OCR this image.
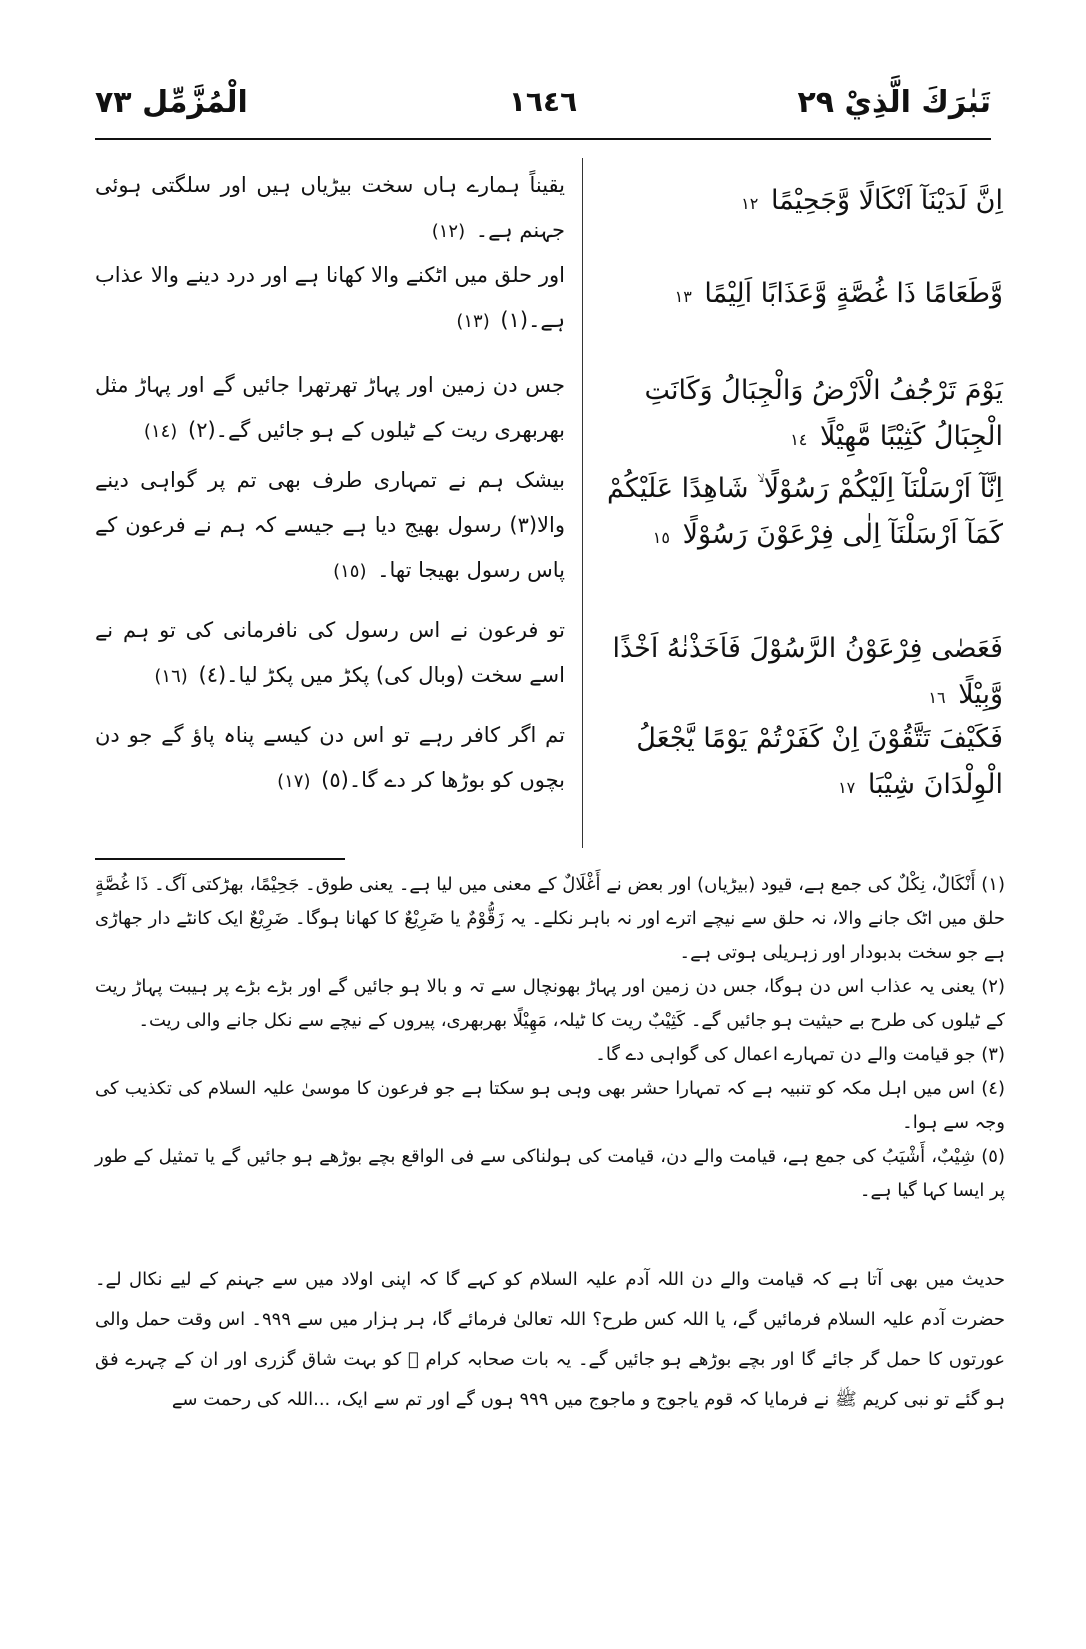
تَبٰرَكَ الَّذِيْ ٢٩
١٦٤٦
الْمُزَّمِّل ٧٣
اِنَّ لَدَيْنَآ اَنْكَالًا وَّجَحِيْمًا ١٢
وَّطَعَامًا ذَا غُصَّةٍ وَّعَذَابًا اَلِيْمًا ١٣
يَوْمَ تَرْجُفُ الْاَرْضُ وَالْجِبَالُ وَكَانَتِ الْجِبَالُ كَثِيْبًا مَّهِيْلًا ١٤
اِنَّآ اَرْسَلْنَآ اِلَيْكُمْ رَسُوْلًا ۙ شَاهِدًا عَلَيْكُمْ كَمَآ اَرْسَلْنَآ اِلٰى فِرْعَوْنَ رَسُوْلًا ١٥
فَعَصٰى فِرْعَوْنُ الرَّسُوْلَ فَاَخَذْنٰهُ اَخْذًا وَّبِيْلًا ١٦
فَكَيْفَ تَتَّقُوْنَ اِنْ كَفَرْتُمْ يَوْمًا يَّجْعَلُ الْوِلْدَانَ شِيْبَا ١٧
یقیناً ہمارے ہاں سخت بیڑیاں ہیں اور سلگتی ہوئی جہنم ہے۔ (١٢)
اور حلق میں اٹکنے والا کھانا ہے اور درد دینے والا عذاب ہے۔(١) (١٣)
جس دن زمین اور پہاڑ تھرتھرا جائیں گے اور پہاڑ مثل بھربھری ریت کے ٹیلوں کے ہو جائیں گے۔(٢) (١٤)
بیشک ہم نے تمہاری طرف بھی تم پر گواہی دینے والا(٣) رسول بھیج دیا ہے جیسے کہ ہم نے فرعون کے پاس رسول بھیجا تھا۔ (١٥)
تو فرعون نے اس رسول کی نافرمانی کی تو ہم نے اسے سخت (وبال کی) پکڑ میں پکڑ لیا۔(٤) (١٦)
تم اگر کافر رہے تو اس دن کیسے پناہ پاؤ گے جو دن بچوں کو بوڑھا کر دے گا۔(٥) (١٧)

(١) أَنْكَالٌ، نِكْلٌ کی جمع ہے، قیود (بیڑیاں) اور بعض نے أَغْلَالٌ کے معنی میں لیا ہے۔ یعنی طوق۔ جَحِيْمًا، بھڑکتی آگ۔ ذَا غُصَّةٍ حلق میں اٹک جانے والا، نہ حلق سے نیچے اترے اور نہ باہر نکلے۔ یہ زَقُّوْمٌ یا ضَرِيْعٌ کا کھانا ہوگا۔ ضَرِيْعٌ ایک کانٹے دار جھاڑی ہے جو سخت بدبودار اور زہریلی ہوتی ہے۔

(٢) یعنی یہ عذاب اس دن ہوگا، جس دن زمین اور پہاڑ بھونچال سے تہ و بالا ہو جائیں گے اور بڑے بڑے پر ہیبت پہاڑ ریت کے ٹیلوں کی طرح بے حیثیت ہو جائیں گے۔ كَثِيْبٌ ریت کا ٹیلہ، مَهِيْلًا بھربھری، پیروں کے نیچے سے نکل جانے والی ریت۔

(٣) جو قیامت والے دن تمہارے اعمال کی گواہی دے گا۔

(٤) اس میں اہل مکہ کو تنبیہ ہے کہ تمہارا حشر بھی وہی ہو سکتا ہے جو فرعون کا موسیٰ علیہ السلام کی تکذیب کی وجہ سے ہوا۔

(٥) شِيْبٌ، أَشْيَبُ کی جمع ہے، قیامت والے دن، قیامت کی ہولناکی سے فی الواقع بچے بوڑھے ہو جائیں گے یا تمثیل کے طور پر ایسا کہا گیا ہے۔

حدیث میں بھی آتا ہے کہ قیامت والے دن اللہ آدم علیہ السلام کو کہے گا کہ اپنی اولاد میں سے جہنم کے لیے نکال لے۔ حضرت آدم علیہ السلام فرمائیں گے، یا اللہ کس طرح؟ اللہ تعالیٰ فرمائے گا، ہر ہزار میں سے ٩٩٩۔ اس وقت حمل والی عورتوں کا حمل گر جائے گا اور بچے بوڑھے ہو جائیں گے۔ یہ بات صحابہ کرام ﷢ کو بہت شاق گزری اور ان کے چہرے فق ہو گئے تو نبی کریم ﷺ نے فرمایا کہ قوم یاجوج و ماجوج میں ٩٩٩ ہوں گے اور تم سے ایک، ...اللہ کی رحمت سے
